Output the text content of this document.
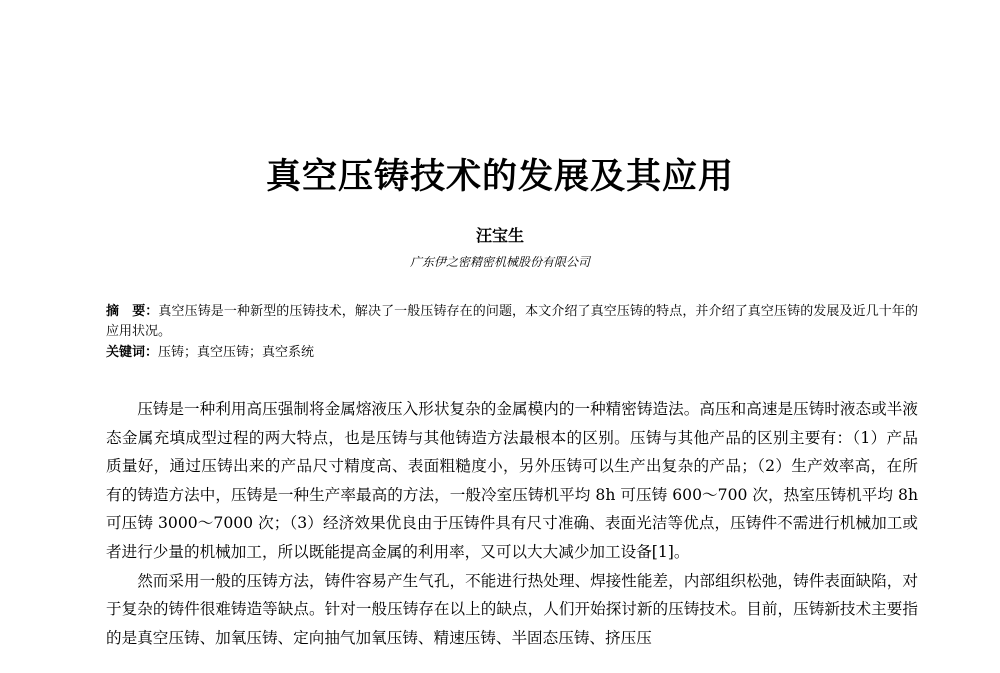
真空压铸技术的发展及其应用
汪宝生
广东伊之密精密机械股份有限公司
摘　要：真空压铸是一种新型的压铸技术，解决了一般压铸存在的问题，本文介绍了真空压铸的特点，并介绍了真空压铸的发展及近几十年的应用状况。
关键词：压铸；真空压铸；真空系统

压铸是一种利用高压强制将金属熔液压入形状复杂的金属模内的一种精密铸造法。高压和高速是压铸时液态或半液态金属充填成型过程的两大特点，也是压铸与其他铸造方法最根本的区别。压铸与其他产品的区别主要有：（1）产品质量好，通过压铸出来的产品尺寸精度高、表面粗糙度小，另外压铸可以生产出复杂的产品；（2）生产效率高，在所有的铸造方法中，压铸是一种生产率最高的方法，一般冷室压铸机平均 8h 可压铸 600～700 次，热室压铸机平均 8h 可压铸 3000～7000 次；（3）经济效果优良由于压铸件具有尺寸准确、表面光洁等优点，压铸件不需进行机械加工或者进行少量的机械加工，所以既能提高金属的利用率，又可以大大减少加工设备[1]。

然而采用一般的压铸方法，铸件容易产生气孔，不能进行热处理、焊接性能差，内部组织松弛，铸件表面缺陷，对于复杂的铸件很难铸造等缺点。针对一般压铸存在以上的缺点，人们开始探讨新的压铸技术。目前，压铸新技术主要指的是真空压铸、加氧压铸、定向抽气加氧压铸、精速压铸、半固态压铸、挤压压
